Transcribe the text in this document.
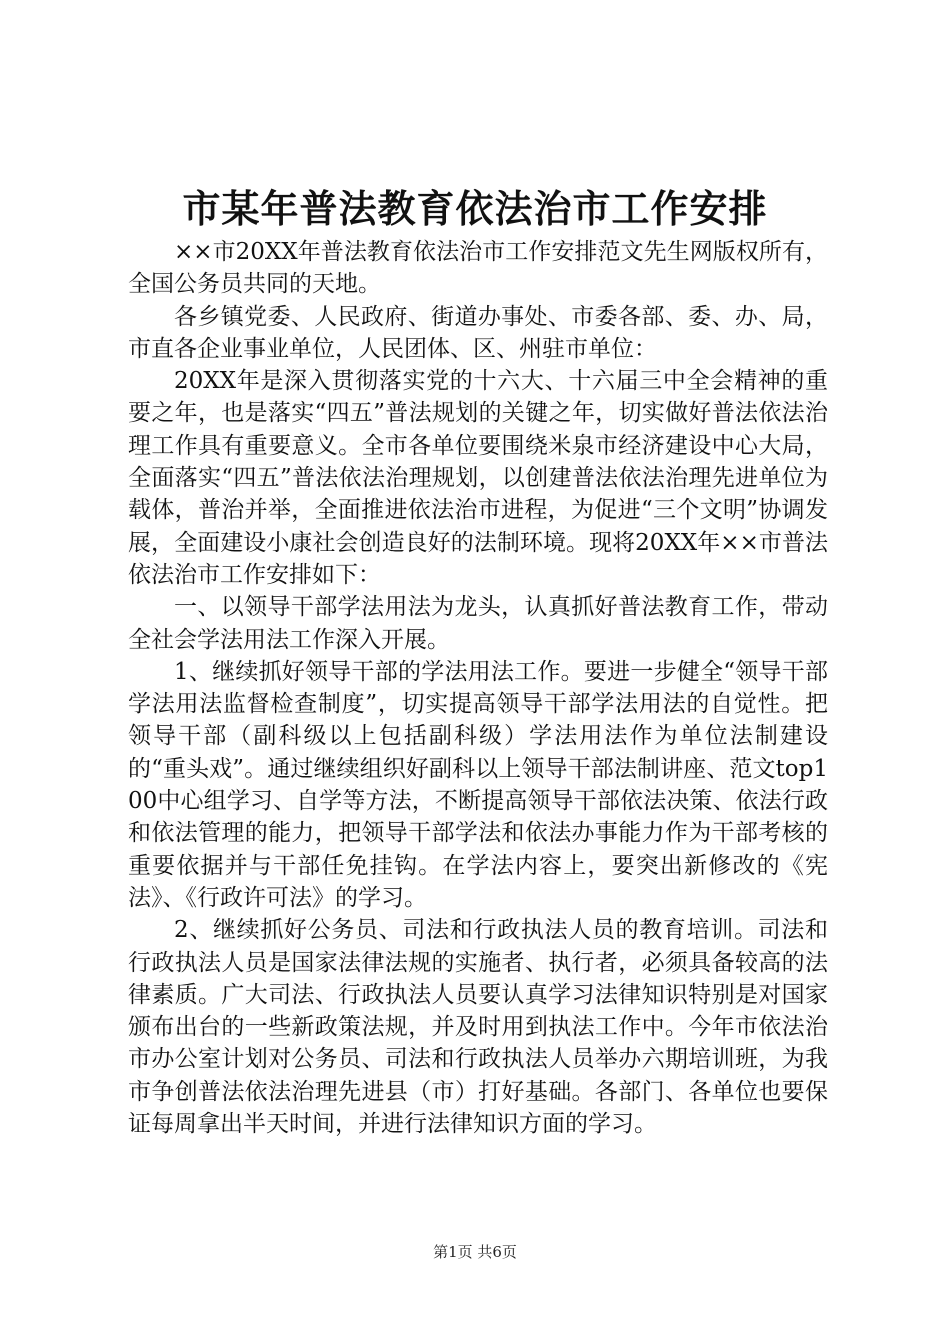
市某年普法教育依法治市工作安排

××市20XX年普法教育依法治市工作安排范文先生网版权所有，全国公务员共同的天地。

各乡镇党委、人民政府、街道办事处、市委各部、委、办、局，市直各企业事业单位，人民团体、区、州驻市单位：

20XX年是深入贯彻落实党的十六大、十六届三中全会精神的重要之年，也是落实“四五”普法规划的关键之年，切实做好普法依法治理工作具有重要意义。全市各单位要围绕米泉市经济建设中心大局，全面落实“四五”普法依法治理规划，以创建普法依法治理先进单位为载体，普治并举，全面推进依法治市进程，为促进“三个文明”协调发展，全面建设小康社会创造良好的法制环境。现将20XX年××市普法依法治市工作安排如下：

一、以领导干部学法用法为龙头，认真抓好普法教育工作，带动全社会学法用法工作深入开展。

1、继续抓好领导干部的学法用法工作。要进一步健全“领导干部学法用法监督检查制度”，切实提高领导干部学法用法的自觉性。把领导干部（副科级以上包括副科级）学法用法作为单位法制建设的“重头戏”。通过继续组织好副科以上领导干部法制讲座、范文top100中心组学习、自学等方法，不断提高领导干部依法决策、依法行政和依法管理的能力，把领导干部学法和依法办事能力作为干部考核的重要依据并与干部任免挂钩。在学法内容上，要突出新修改的《宪法》、《行政许可法》的学习。

2、继续抓好公务员、司法和行政执法人员的教育培训。司法和行政执法人员是国家法律法规的实施者、执行者，必须具备较高的法律素质。广大司法、行政执法人员要认真学习法律知识特别是对国家颁布出台的一些新政策法规，并及时用到执法工作中。今年市依法治市办公室计划对公务员、司法和行政执法人员举办六期培训班，为我市争创普法依法治理先进县（市）打好基础。各部门、各单位也要保证每周拿出半天时间，并进行法律知识方面的学习。

第1页 共6页
